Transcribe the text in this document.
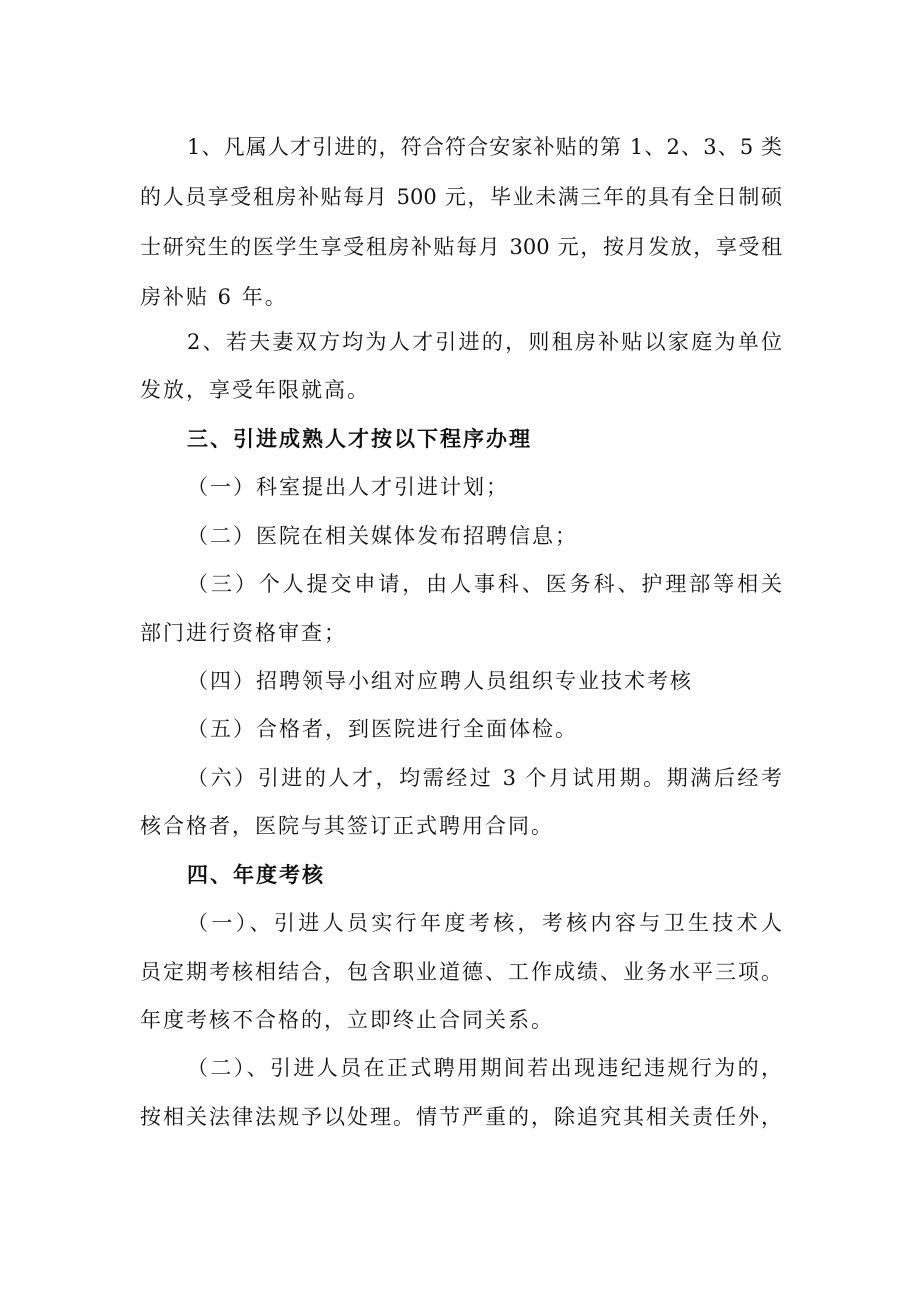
1、凡属人才引进的，符合符合安家补贴的第 1、2、3、5 类
的人员享受租房补贴每月 500 元，毕业未满三年的具有全日制硕
士研究生的医学生享受租房补贴每月 300 元，按月发放，享受租
房补贴 6 年。
2、若夫妻双方均为人才引进的，则租房补贴以家庭为单位
发放，享受年限就高。
三、引进成熟人才按以下程序办理
（一）科室提出人才引进计划；
（二）医院在相关媒体发布招聘信息；
（三）个人提交申请，由人事科、医务科、护理部等相关
部门进行资格审查；
（四）招聘领导小组对应聘人员组织专业技术考核
（五）合格者，到医院进行全面体检。
（六）引进的人才，均需经过 3 个月试用期。期满后经考
核合格者，医院与其签订正式聘用合同。
四、年度考核
（一）、引进人员实行年度考核，考核内容与卫生技术人
员定期考核相结合，包含职业道德、工作成绩、业务水平三项。
年度考核不合格的，立即终止合同关系。
（二）、引进人员在正式聘用期间若出现违纪违规行为的，
按相关法律法规予以处理。情节严重的，除追究其相关责任外，
